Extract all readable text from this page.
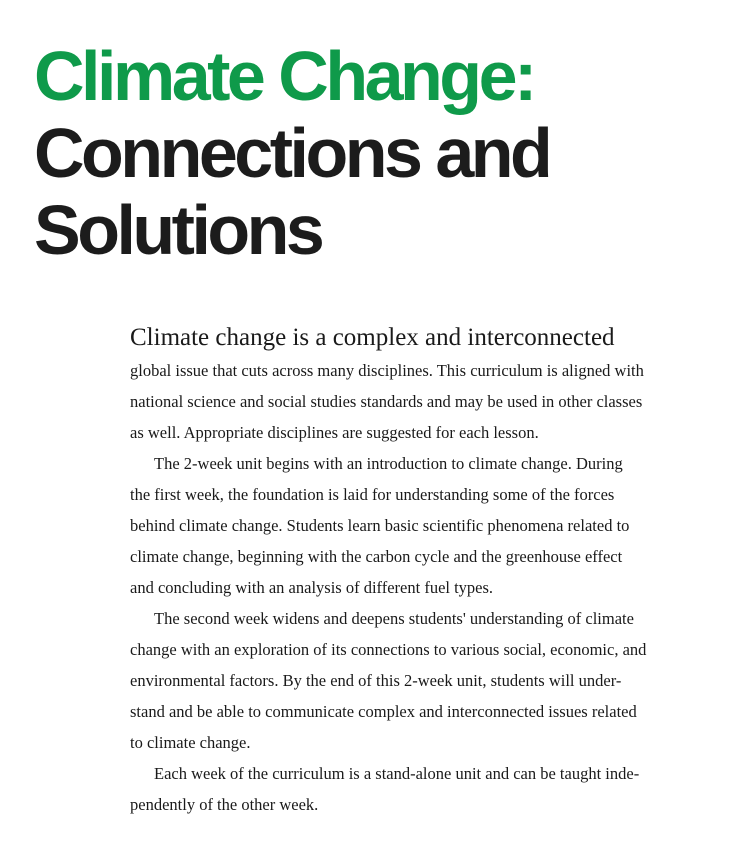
Climate Change:
Connections and
Solutions
Climate change is a complex and interconnected
global issue that cuts across many disciplines. This curriculum is aligned with
national science and social studies standards and may be used in other classes
as well. Appropriate disciplines are suggested for each lesson.
The 2-week unit begins with an introduction to climate change. During
the first week, the foundation is laid for understanding some of the forces
behind climate change. Students learn basic scientific phenomena related to
climate change, beginning with the carbon cycle and the greenhouse effect
and concluding with an analysis of different fuel types.
The second week widens and deepens students' understanding of climate
change with an exploration of its connections to various social, economic, and
environmental factors. By the end of this 2-week unit, students will under-
stand and be able to communicate complex and interconnected issues related
to climate change.
Each week of the curriculum is a stand-alone unit and can be taught inde-
pendently of the other week.
